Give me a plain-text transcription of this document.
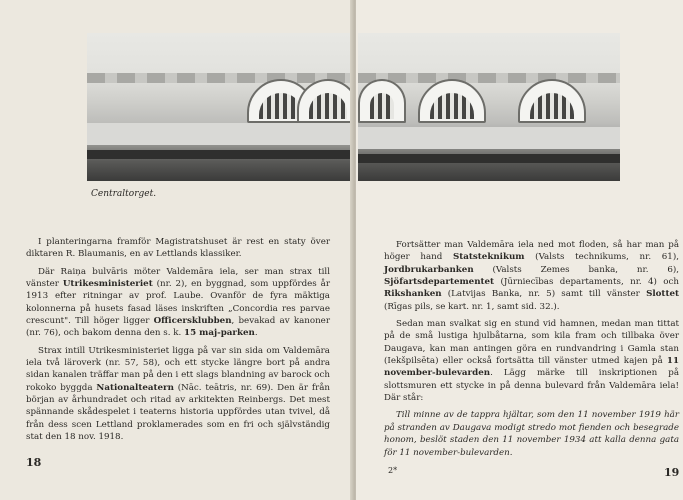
Centraltorget.

I planteringarna framför Magistratshuset är rest en staty över diktaren R. Blaumanis, en av Lettlands klassiker.

Där Raiņa bulvāris möter Valdemāra iela, ser man strax till vänster Utrikesministeriet (nr. 2), en byggnad, som uppfördes år 1913 efter ritningar av prof. Laube. Ovanför de fyra mäktiga kolonnerna på husets fasad läses inskriften „Concordia res parvae crescunt". Till höger ligger Officersklubben, bevakad av kanoner (nr. 76), och bakom denna den s. k. 15 maj-parken.

Strax intill Utrikesministeriet ligga på var sin sida om Valdemāra iela två läroverk (nr. 57, 58), och ett stycke längre bort på andra sidan kanalen träffar man på den i ett slags blandning av barock och rokoko byggda Nationalteatern (Nāc. teātris, nr. 69). Den är från början av århundradet och ritad av arkitekten Reinbergs. Det mest spännande skådespelet i teaterns historia uppfördes utan tvivel, då från dess scen Lettland proklamerades som en fri och självständig stat den 18 nov. 1918.

18

Fortsätter man Valdemāra iela ned mot floden, så har man på höger hand Statsteknikum (Valsts technikums, nr. 61), Jordbrukarbanken (Valsts Zemes banka, nr. 6), Sjöfartsdepartementet (Jūrniecības departaments, nr. 4) och Rikshanken (Latvijas Banka, nr. 5) samt till vänster Slottet (Rīgas pils, se kart. nr. 1, samt sid. 32.).

Sedan man svalkat sig en stund vid hamnen, medan man tittat på de små lustiga hjulbåtarna, som kila fram och tillbaka över Daugava, kan man antingen göra en rundvandring i Gamla stan (Iekšpilsēta) eller också fortsätta till vänster utmed kajen på 11 november-bulevarden. Lägg märke till inskriptionen på slottsmuren ett stycke in på denna bulevard från Valdemāra iela! Där står:

Till minne av de tappra hjältar, som den 11 november 1919 här på stranden av Daugava modigt stredo mot fienden och besegrade honom, beslöt staden den 11 november 1934 att kalla denna gata för 11 november-bulevarden.

2*	19
